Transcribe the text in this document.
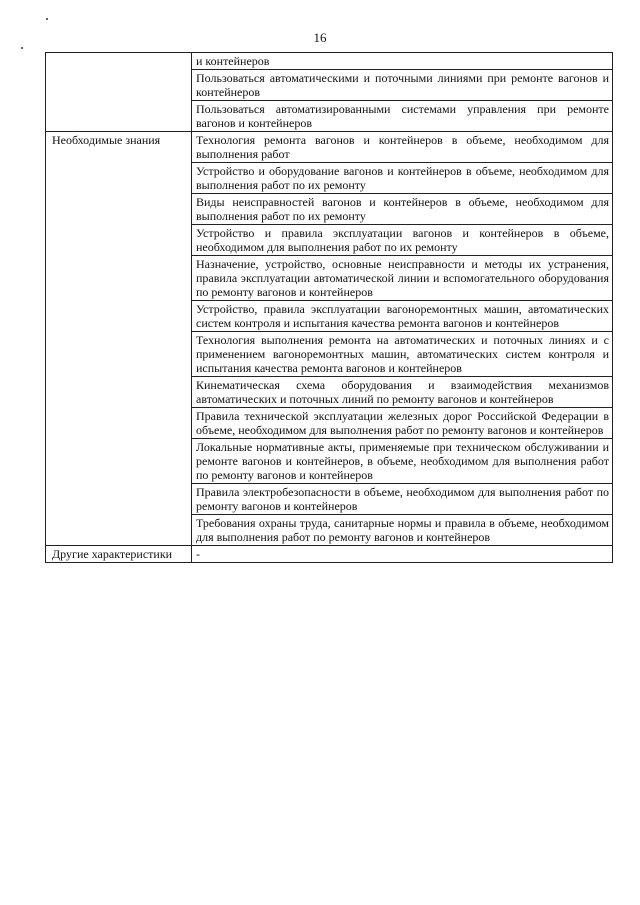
16
	и контейнеров
	Пользоваться автоматическими и поточными линиями при ремонте вагонов и контейнеров
	Пользоваться автоматизированными системами управления при ремонте вагонов и контейнеров
Необходимые знания	Технология ремонта вагонов и контейнеров в объеме, необходимом для выполнения работ
	Устройство и оборудование вагонов и контейнеров в объеме, необходимом для выполнения работ по их ремонту
	Виды неисправностей вагонов и контейнеров в объеме, необходимом для выполнения работ по их ремонту
	Устройство и правила эксплуатации вагонов и контейнеров в объеме, необходимом для выполнения работ по их ремонту
	Назначение, устройство, основные неисправности и методы их устранения, правила эксплуатации автоматической линии и вспомогательного оборудования по ремонту вагонов и контейнеров
	Устройство, правила эксплуатации вагоноремонтных машин, автоматических систем контроля и испытания качества ремонта вагонов и контейнеров
	Технология выполнения ремонта на автоматических и поточных линиях и с применением вагоноремонтных машин, автоматических систем контроля и испытания качества ремонта вагонов и контейнеров
	Кинематическая схема оборудования и взаимодействия механизмов автоматических и поточных линий по ремонту вагонов и контейнеров
	Правила технической эксплуатации железных дорог Российской Федерации в объеме, необходимом для выполнения работ по ремонту вагонов и контейнеров
	Локальные нормативные акты, применяемые при техническом обслуживании и ремонте вагонов и контейнеров, в объеме, необходимом для выполнения работ по ремонту вагонов и контейнеров
	Правила электробезопасности в объеме, необходимом для выполнения работ по ремонту вагонов и контейнеров
	Требования охраны труда, санитарные нормы и правила в объеме, необходимом для выполнения работ по ремонту вагонов и контейнеров
Другие характеристики	-
